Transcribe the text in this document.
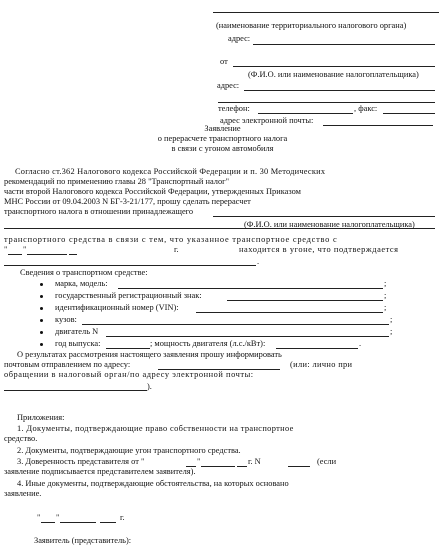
(наименование территориального налогового органа)
адрес:
от
(Ф.И.О. или наименование налогоплательщика)
адрес:
телефон:	, факс:
адрес электронной почты:
Заявление
о перерасчете транспортного налога
в связи с угоном автомобиля
Согласно ст.362 Налогового кодекса Российской Федерации и п. 30 Методических
рекомендаций по применению главы 28 "Транспортный налог"
части второй Налогового кодекса Российской Федерации, утвержденных Приказом
МНС России от 09.04.2003 N БГ-3-21/177, прошу сделать перерасчет
транспортного налога в отношении принадлежащего
(Ф.И.О. или наименование налогоплательщика)
транспортного средства в связи с тем, что указанное транспортное средство с
" "	г.	находится в угоне, что подтверждается
.
Сведения о транспортном средстве:
марка, модель:	;
государственный регистрационный знак:	;
идентификационный номер (VIN):	;
кузов:	;
двигатель N	;
год выпуска:	; мощность двигателя (л.с./кВт):	.
О результатах рассмотрения настоящего заявления прошу информировать
почтовым отправлением по адресу:	(или: лично при
обращении в налоговый орган/по адресу электронной почты:
).
Приложения:
1. Документы, подтверждающие право собственности на транспортное
средство.
2. Документы, подтверждающие угон транспортного средства.
3. Доверенность представителя от "	"	г. N	(если
заявление подписывается представителем заявителя).
4. Иные документы, подтверждающие обстоятельства, на которых основано
заявление.
" "	г.
Заявитель (представитель):
